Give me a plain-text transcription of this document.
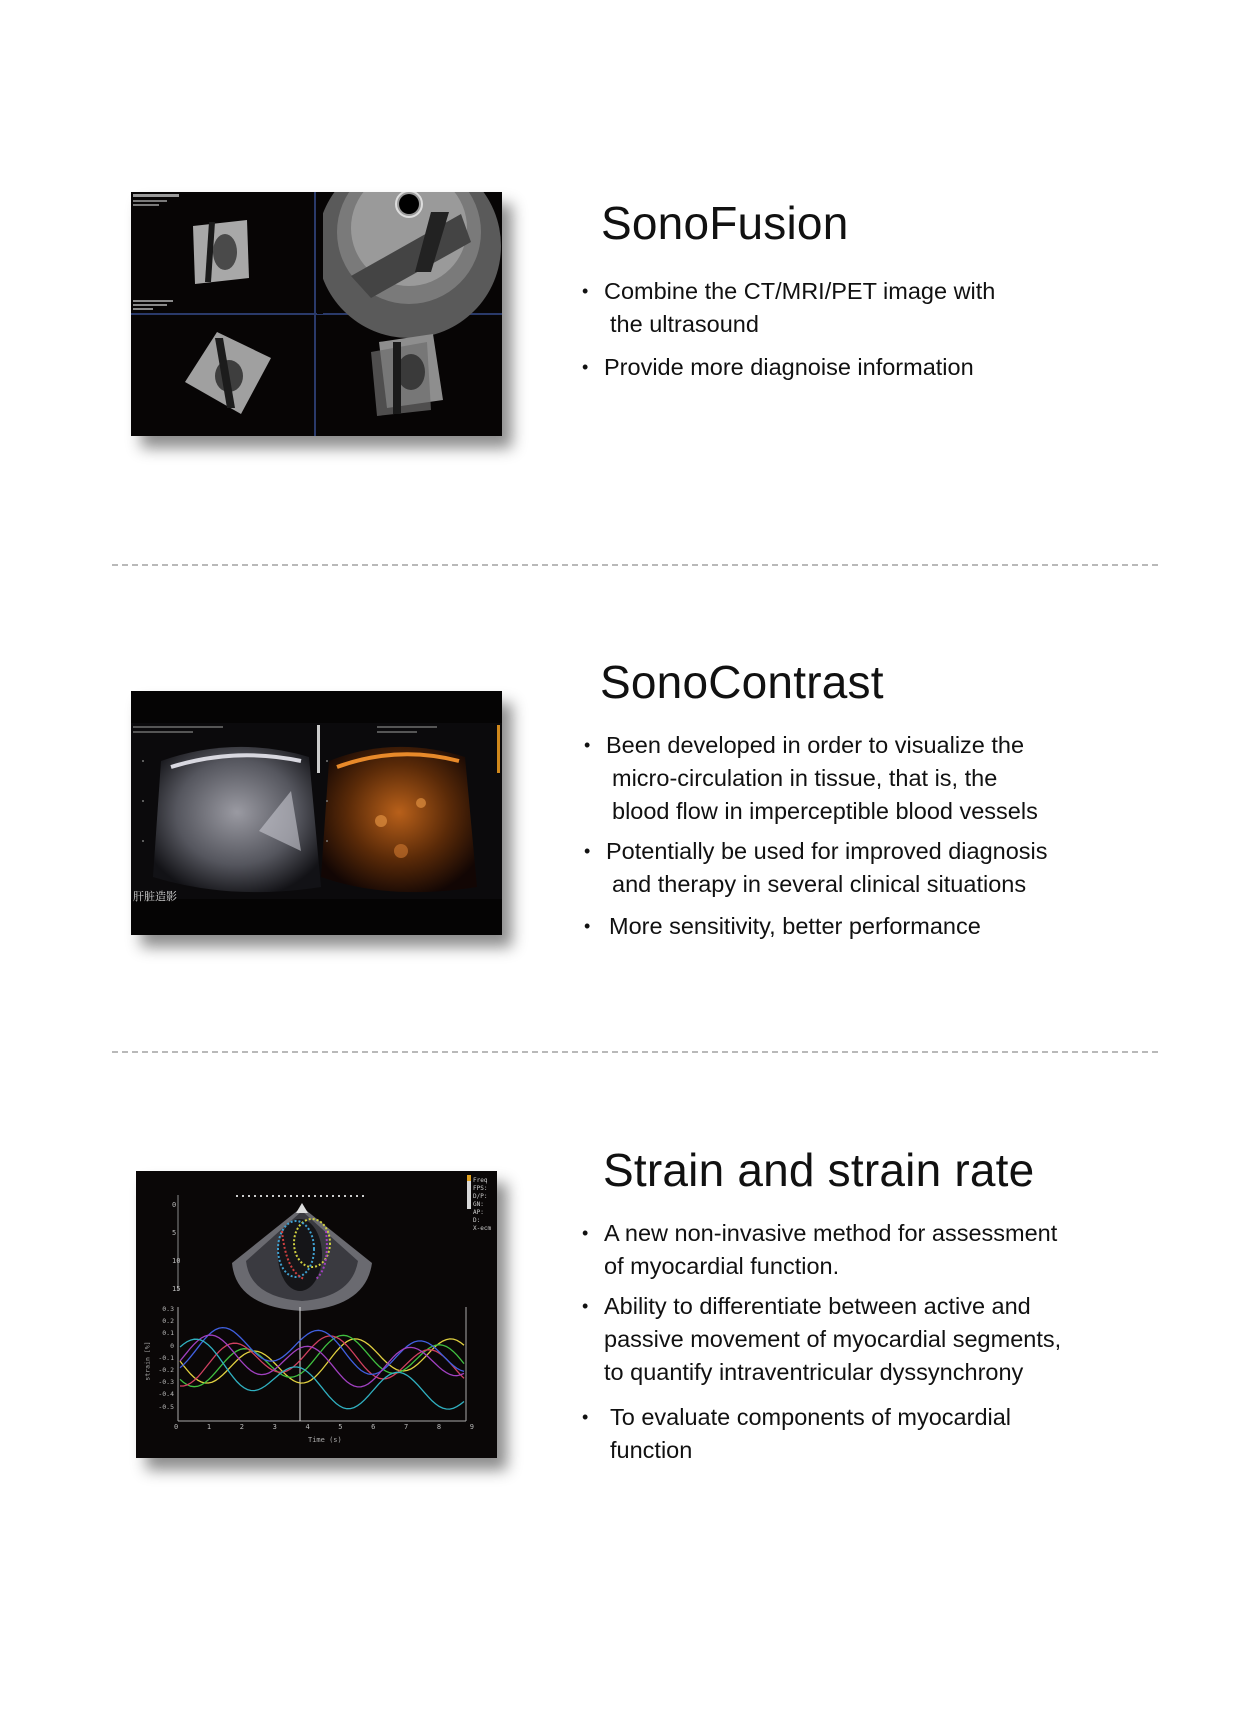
SonoFusion
• Combine the CT/MRI/PET image with
the ultrasound
• Provide more diagnoise information
肝脏造影
SonoContrast
• Been developed in order to visualize the
micro-circulation in tissue, that is, the
blood flow in imperceptible blood vessels
• Potentially be used for improved diagnosis
and therapy in several clinical situations
• More sensitivity, better performance
0
5
10
15
Freq
FPS:
D/P:
GN:
AP:
D:
X-ecm
0.3
0.2
0.1
0
-0.1
-0.2
-0.3
-0.4
-0.5
strain [%]
0	1	2	3	4	5	6	7	8	9
Time (s)
Strain and strain rate
• A new non-invasive method for assessment
of myocardial function.
• Ability to differentiate between active and
passive movement of myocardial segments,
to quantify intraventricular dyssynchrony
• To evaluate components of myocardial
function
